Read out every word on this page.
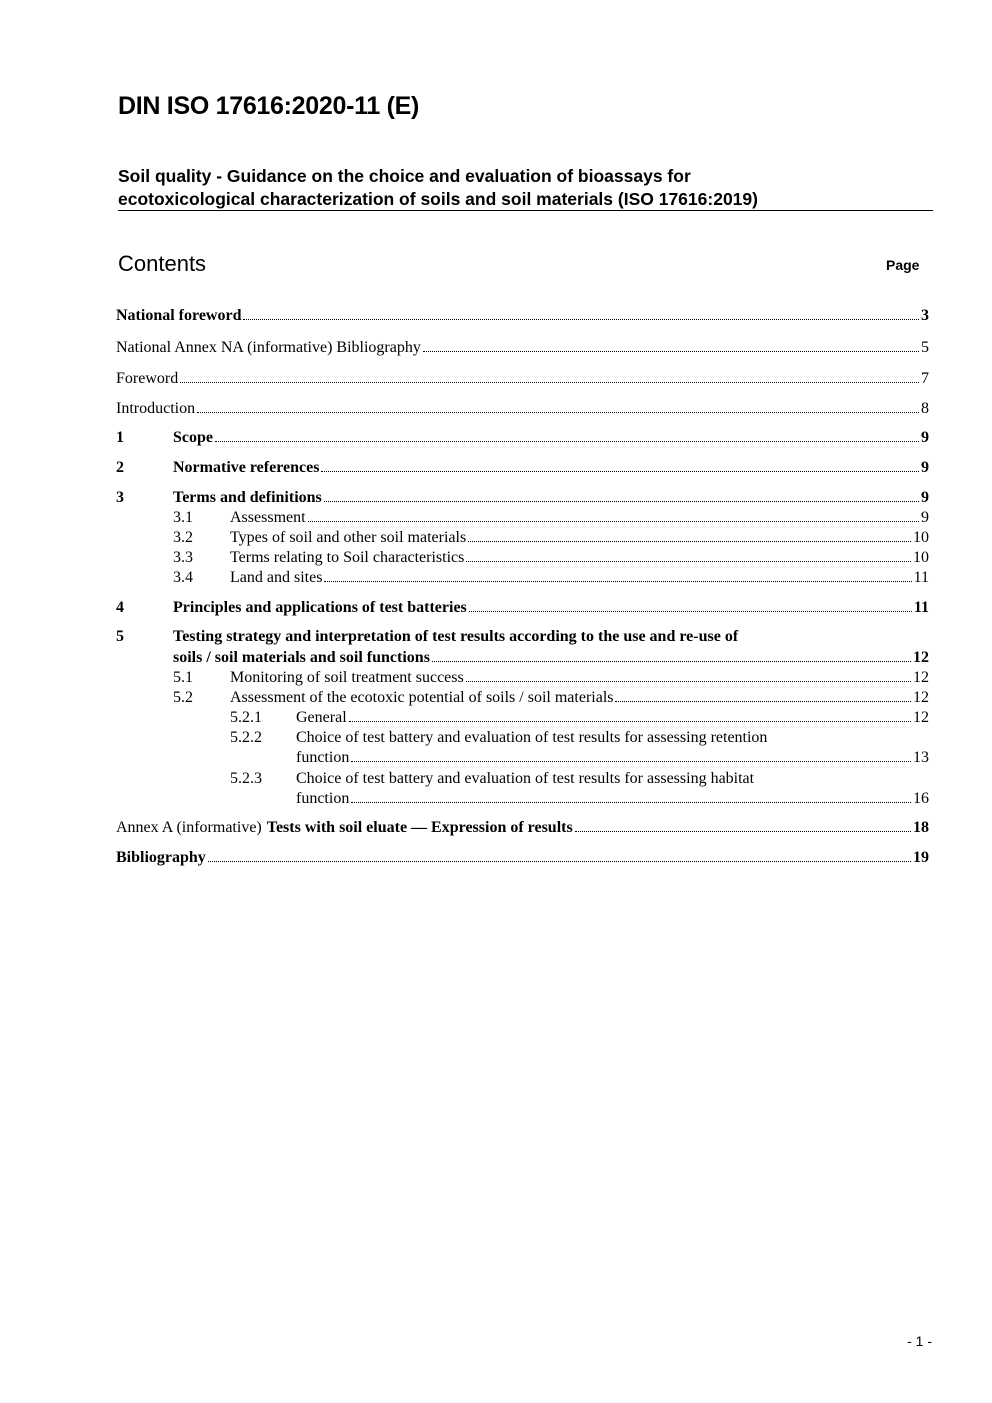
DIN ISO 17616:2020-11 (E)
Soil quality - Guidance on the choice and evaluation of bioassays for
ecotoxicological characterization of soils and soil materials (ISO 17616:2019)
Contents	Page
National foreword	3
National Annex NA (informative) Bibliography	5
Foreword	7
Introduction	8
1	Scope	9
2	Normative references	9
3	Terms and definitions	9
3.1	Assessment	9
3.2	Types of soil and other soil materials	10
3.3	Terms relating to Soil characteristics	10
3.4	Land and sites	11
4	Principles and applications of test batteries	11
5	Testing strategy and interpretation of test results according to the use and re-use of
soils / soil materials and soil functions	12
5.1	Monitoring of soil treatment success	12
5.2	Assessment of the ecotoxic potential of soils / soil materials	12
5.2.1	General	12
5.2.2 Choice of test battery and evaluation of test results for assessing retention
function	13
5.2.3 Choice of test battery and evaluation of test results for assessing habitat
function	16
Annex A (informative) Tests with soil eluate — Expression of results	18
Bibliography	19
- 1 -
